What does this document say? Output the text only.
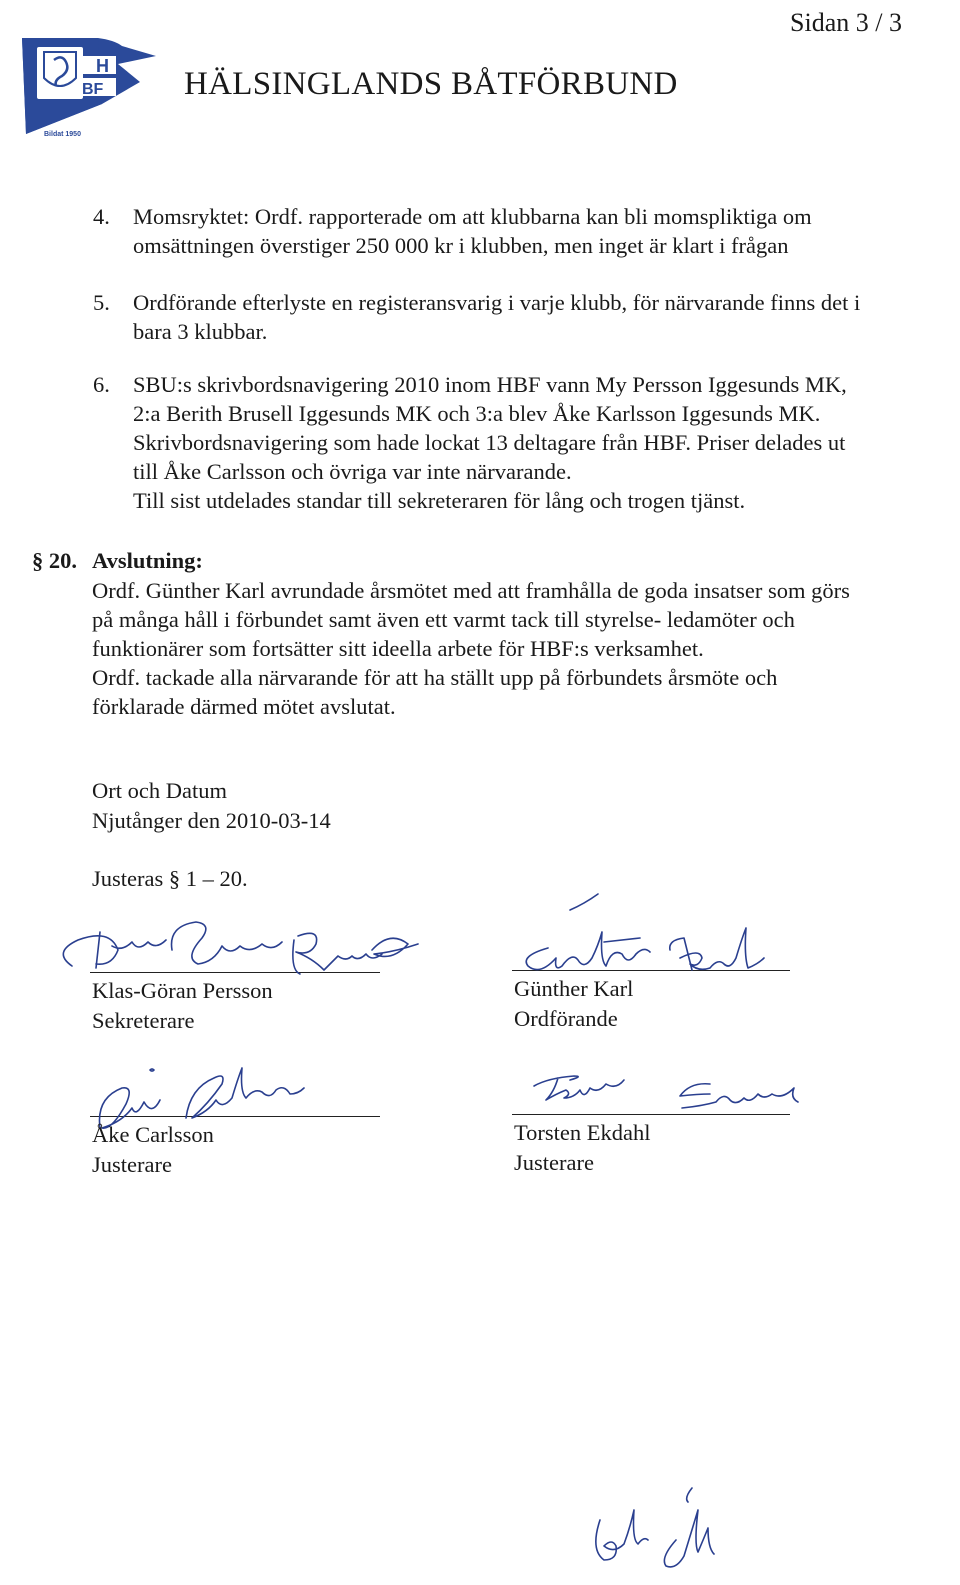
Sidan 3 / 3
H
BF
Bildat 1950
HÄLSINGLANDS BÅTFÖRBUND
4. Momsryktet: Ordf. rapporterade om att klubbarna kan bli momspliktiga om
omsättningen överstiger 250 000 kr i klubben, men inget är klart i frågan
5. Ordförande efterlyste en registeransvarig i varje klubb, för närvarande finns det i
bara 3 klubbar.
6. SBU:s skrivbordsnavigering 2010 inom HBF vann My Persson Iggesunds MK,
2:a Berith Brusell Iggesunds MK och 3:a blev Åke Karlsson Iggesunds MK.
Skrivbordsnavigering som hade lockat 13 deltagare från HBF. Priser delades ut
till Åke Carlsson och övriga var inte närvarande.
Till sist utdelades standar till sekreteraren för lång och trogen tjänst.
§ 20. Avslutning:
Ordf. Günther Karl avrundade årsmötet med att framhålla de goda insatser som görs
på många håll i förbundet samt även ett varmt tack till styrelse- ledamöter och
funktionärer som fortsätter sitt ideella arbete för HBF:s verksamhet.
Ordf. tackade alla närvarande för att ha ställt upp på förbundets årsmöte och
förklarade därmed mötet avslutat.
Ort och Datum
Njutånger den 2010-03-14
Justeras § 1 – 20.
Klas-Göran Persson
Sekreterare
Günther Karl
Ordförande
Åke Carlsson
Justerare
Torsten Ekdahl
Justerare
